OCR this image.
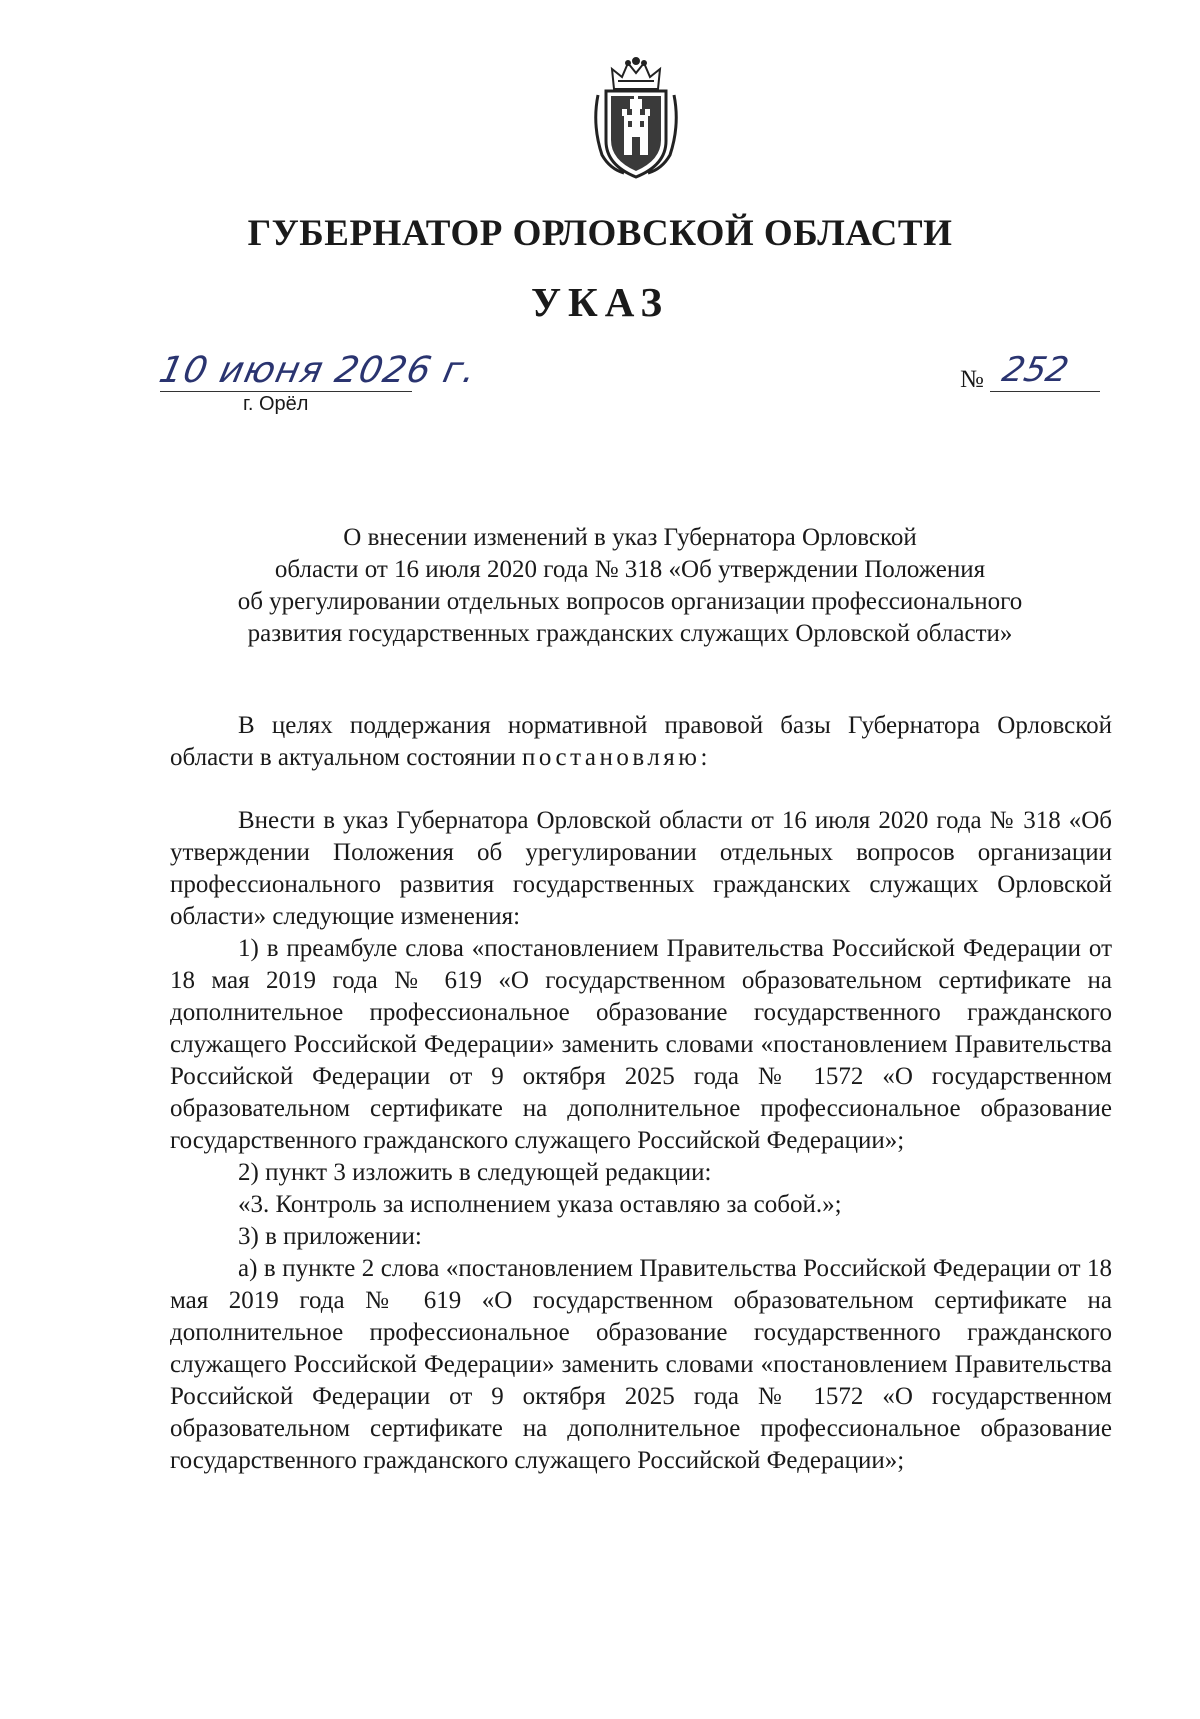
ГУБЕРНАТОР ОРЛОВСКОЙ ОБЛАСТИ
УКАЗ
10 июня 2026 г.
г. Орёл
№ 252
О внесении изменений в указ Губернатора Орловской
области от 16 июля 2020 года № 318 «Об утверждении Положения
об урегулировании отдельных вопросов организации профессионального
развития государственных гражданских служащих Орловской области»

В целях поддержания нормативной правовой базы Губернатора Орловской области в актуальном состоянии постановляю:

Внести в указ Губернатора Орловской области от 16 июля 2020 года № 318 «Об утверждении Положения об урегулировании отдельных вопросов организации профессионального развития государственных гражданских служащих Орловской области» следующие изменения:

1) в преамбуле слова «постановлением Правительства Российской Федерации от 18 мая 2019 года № 619 «О государственном образовательном сертификате на дополнительное профессиональное образование государственного гражданского служащего Российской Федерации» заменить словами «постановлением Правительства Российской Федерации от 9 октября 2025 года № 1572 «О государственном образовательном сертификате на дополнительное профессиональное образование государственного гражданского служащего Российской Федерации»;

2) пункт 3 изложить в следующей редакции:

«3. Контроль за исполнением указа оставляю за собой.»;

3) в приложении:

а) в пункте 2 слова «постановлением Правительства Российской Федерации от 18 мая 2019 года № 619 «О государственном образовательном сертификате на дополнительное профессиональное образование государственного гражданского служащего Российской Федерации» заменить словами «постановлением Правительства Российской Федерации от 9 октября 2025 года № 1572 «О государственном образовательном сертификате на дополнительное профессиональное образование государственного гражданского служащего Российской Федерации»;
